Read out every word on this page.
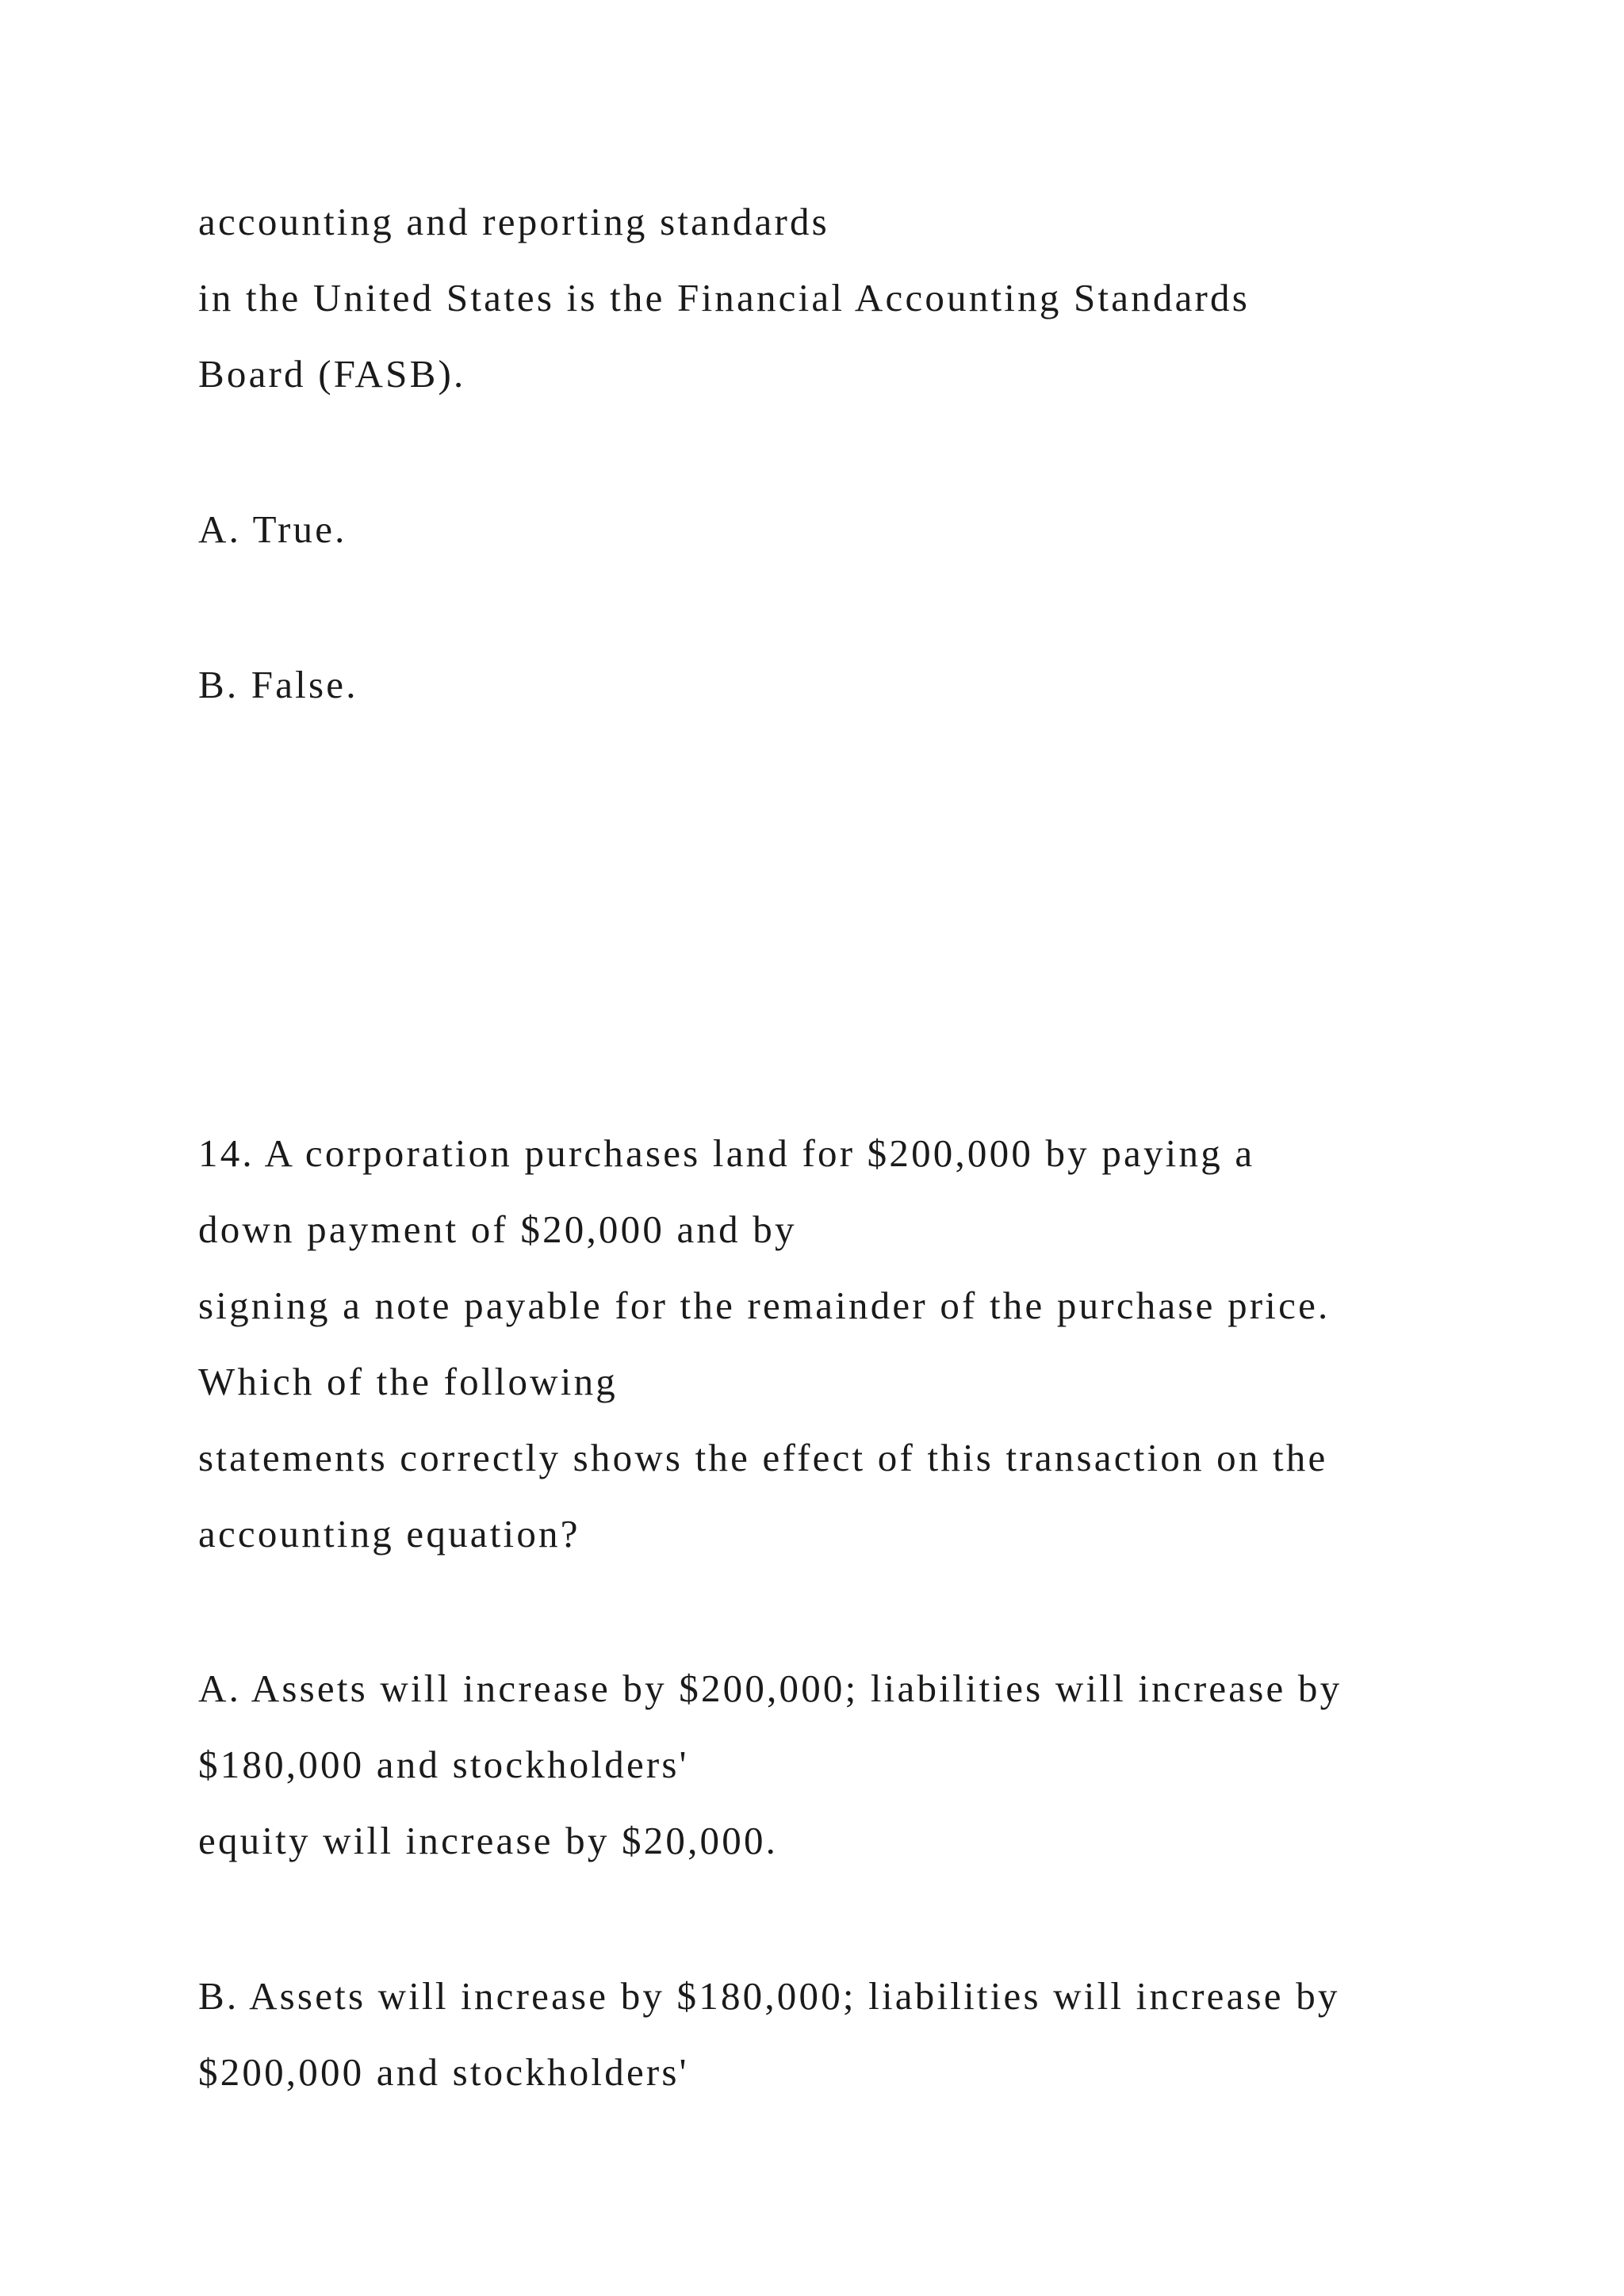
accounting and reporting standards

in the United States is the Financial Accounting Standards

Board (FASB).

A. True.

B. False.

14. A corporation purchases land for $200,000 by paying a

down payment of $20,000 and by

signing a note payable for the remainder of the purchase price.

Which of the following

statements correctly shows the effect of this transaction on the

accounting equation?

A. Assets will increase by $200,000; liabilities will increase by

$180,000 and stockholders'

equity will increase by $20,000.

B. Assets will increase by $180,000; liabilities will increase by

$200,000 and stockholders'
